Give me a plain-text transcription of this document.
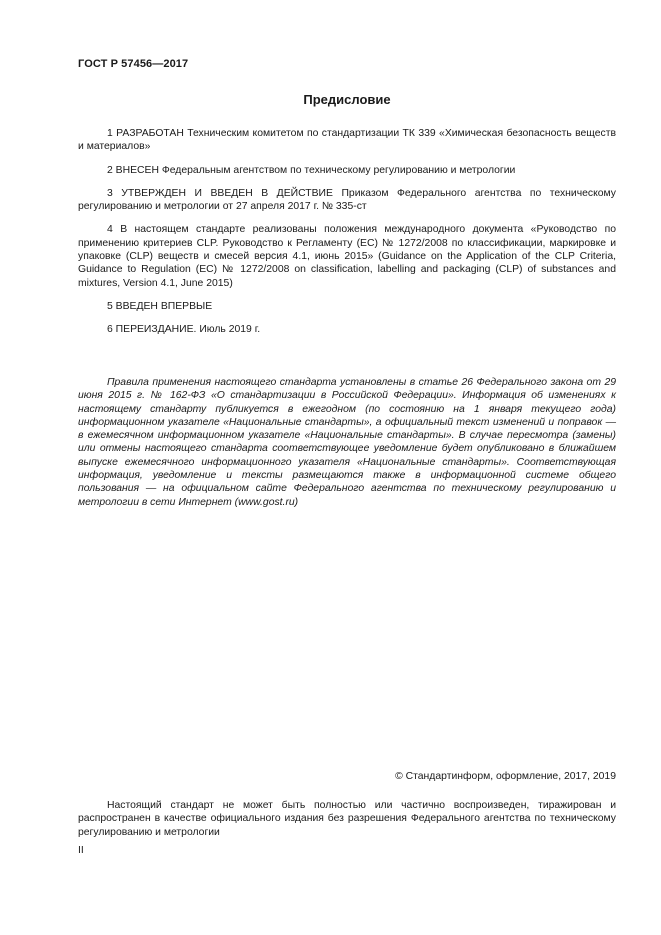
ГОСТ Р 57456—2017
Предисловие

1 РАЗРАБОТАН Техническим комитетом по стандартизации ТК 339 «Химическая безопасность веществ и материалов»

2 ВНЕСЕН Федеральным агентством по техническому регулированию и метрологии

3 УТВЕРЖДЕН И ВВЕДЕН В ДЕЙСТВИЕ Приказом Федерального агентства по техническому регулированию и метрологии от 27 апреля 2017 г. № 335-ст

4 В настоящем стандарте реализованы положения международного документа «Руководство по применению критериев CLP. Руководство к Регламенту (ЕС) № 1272/2008 по классификации, маркировке и упаковке (CLP) веществ и смесей версия 4.1, июнь 2015» (Guidance on the Application of the CLP Criteria, Guidance to Regulation (EC) № 1272/2008 on classification, labelling and packaging (CLP) of substances and mixtures, Version 4.1, June 2015)

5 ВВЕДЕН ВПЕРВЫЕ

6 ПЕРЕИЗДАНИЕ. Июль 2019 г.

Правила применения настоящего стандарта установлены в статье 26 Федерального закона от 29 июня 2015 г. № 162-ФЗ «О стандартизации в Российской Федерации». Информация об изменениях к настоящему стандарту публикуется в ежегодном (по состоянию на 1 января текущего года) информационном указателе «Национальные стандарты», а официальный текст изменений и поправок — в ежемесячном информационном указателе «Национальные стандарты». В случае пересмотра (замены) или отмены настоящего стандарта соответствующее уведомление будет опубликовано в ближайшем выпуске ежемесячного информационного указателя «Национальные стандарты». Соответствующая информация, уведомление и тексты размещаются также в информационной системе общего пользования — на официальном сайте Федерального агентства по техническому регулированию и метрологии в сети Интернет (www.gost.ru)

© Стандартинформ, оформление, 2017, 2019

Настоящий стандарт не может быть полностью или частично воспроизведен, тиражирован и распространен в качестве официального издания без разрешения Федерального агентства по техническому регулированию и метрологии

II
